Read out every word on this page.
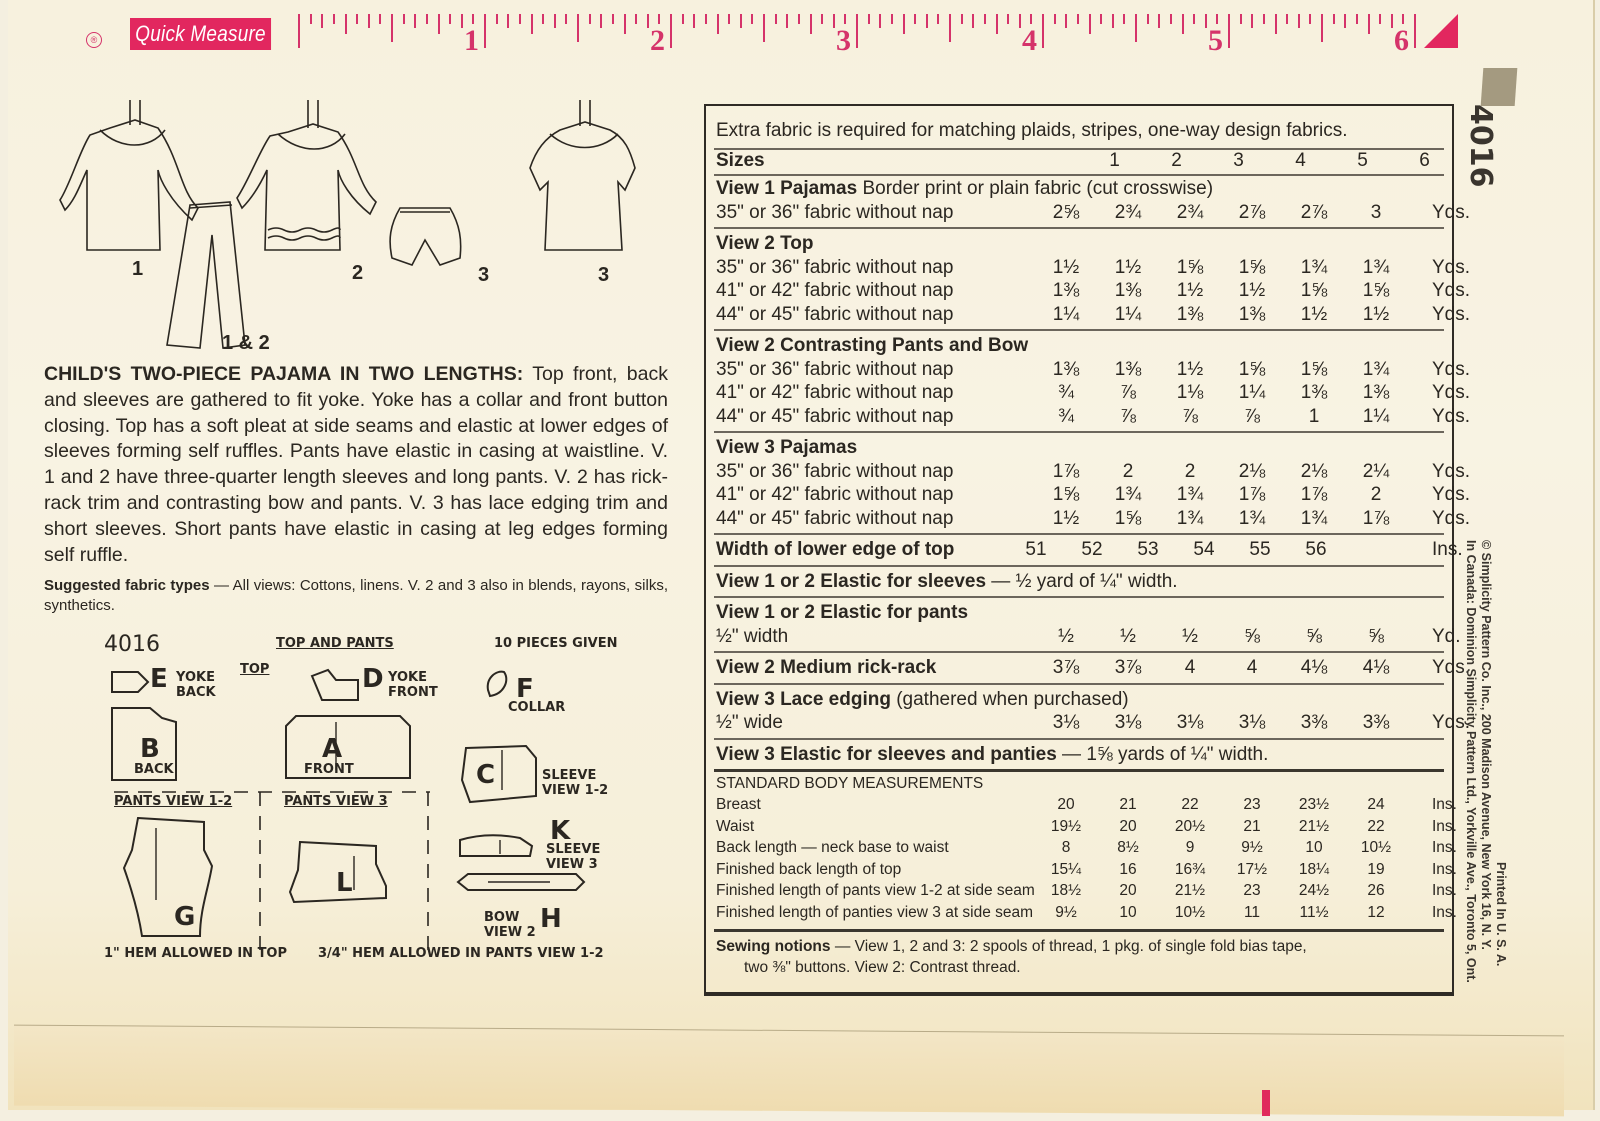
® Quick Measure	1	2	3	4	5	6
1
1 & 2
2	3	3
CHILD'S TWO-PIECE PAJAMA IN TWO LENGTHS: Top front, back and sleeves are gathered to fit yoke. Yoke has a collar and front button closing. Top has a soft pleat at side seams and elastic at lower edges of sleeves forming self ruffles. Pants have elastic in casing at waistline. V. 1 and 2 have three-quarter length sleeves and long pants. V. 2 has rick-rack trim and contrasting bow and pants. V. 3 has lace edging trim and short sleeves. Short pants have elastic in casing at leg edges forming self ruffle.
Suggested fabric types — All views: Cottons, linens. V. 2 and 3 also in blends, rayons, silks, synthetics.
4016	TOP AND PANTS	10 PIECES GIVEN
TOP
E YOKE BACK	D YOKE FRONT	F
COLLAR
B
BACK
A
FRONT	C	SLEEVE
VIEW 1-2
K
SLEEVE
VIEW 3
BOW
VIEW 2 H
PANTS VIEW 1-2	PANTS VIEW 3
G
L
1" HEM ALLOWED IN TOP 3/4" HEM ALLOWED IN PANTS VIEW 1-2
Extra fabric is required for matching plaids, stripes, one-way design fabrics.
Sizes	1	2	3	4	5	6
View 1 Pajamas Border print or plain fabric (cut crosswise)
35" or 36" fabric without nap	2⅝	2¾	2¾	2⅞	2⅞	3	Yds.
View 2 Top
35" or 36" fabric without nap	1½	1½	1⅝	1⅝	1¾	1¾	Yds.
41" or 42" fabric without nap	1⅜	1⅜	1½	1½	1⅝	1⅝	Yds.
44" or 45" fabric without nap	1¼	1¼	1⅜	1⅜	1½	1½	Yds.
View 2 Contrasting Pants and Bow
35" or 36" fabric without nap	1⅜	1⅜	1½	1⅝	1⅝	1¾	Yds.
41" or 42" fabric without nap	¾	⅞	1⅛	1¼	1⅜	1⅜	Yds.
44" or 45" fabric without nap	¾	⅞	⅞	⅞	1	1¼	Yds.
View 3 Pajamas
35" or 36" fabric without nap	1⅞	2	2	2⅛	2⅛	2¼	Yds.
41" or 42" fabric without nap	1⅝	1¾	1¾	1⅞	1⅞	2	Yds.
44" or 45" fabric without nap	1½	1⅝	1¾	1¾	1¾	1⅞	Yds.
Width of lower edge of top	51	52	53	54	55	56	Ins.
View 1 or 2 Elastic for sleeves — ½ yard of ¼" width.
View 1 or 2 Elastic for pants
½" width	½	½	½	⅝	⅝	⅝	Yd.
View 2 Medium rick-rack	3⅞	3⅞	4	4	4⅛	4⅛	Yds.
View 3 Lace edging (gathered when purchased)
½" wide	3⅛	3⅛	3⅛	3⅛	3⅜	3⅜	Yds.
View 3 Elastic for sleeves and panties — 1⅝ yards of ¼" width.
STANDARD BODY MEASUREMENTS
Breast	20	21	22	23	23½	24	Ins.
Waist	19½	20	20½	21	21½	22	Ins.
Back length — neck base to waist	8	8½	9	9½	10	10½	Ins.
Finished back length of top	15¼	16	16¾	17½	18¼	19	Ins.
Finished length of pants view 1-2 at side seam	18½	20	21½	23	24½	26	Ins.
Finished length of panties view 3 at side seam	9½	10	10½	11	11½	12	Ins.
Sewing notions — View 1, 2 and 3: 2 spools of thread, 1 pkg. of single fold bias tape,
two ⅜" buttons. View 2: Contrast thread.
4016
© Simplicity Pattern Co. Inc., 200 Madison Avenue, New York 16, N. Y.
In Canada: Dominion Simplicity Pattern Ltd., Yorkville Ave., Toronto 5, Ont. Printed In U. S. A.
